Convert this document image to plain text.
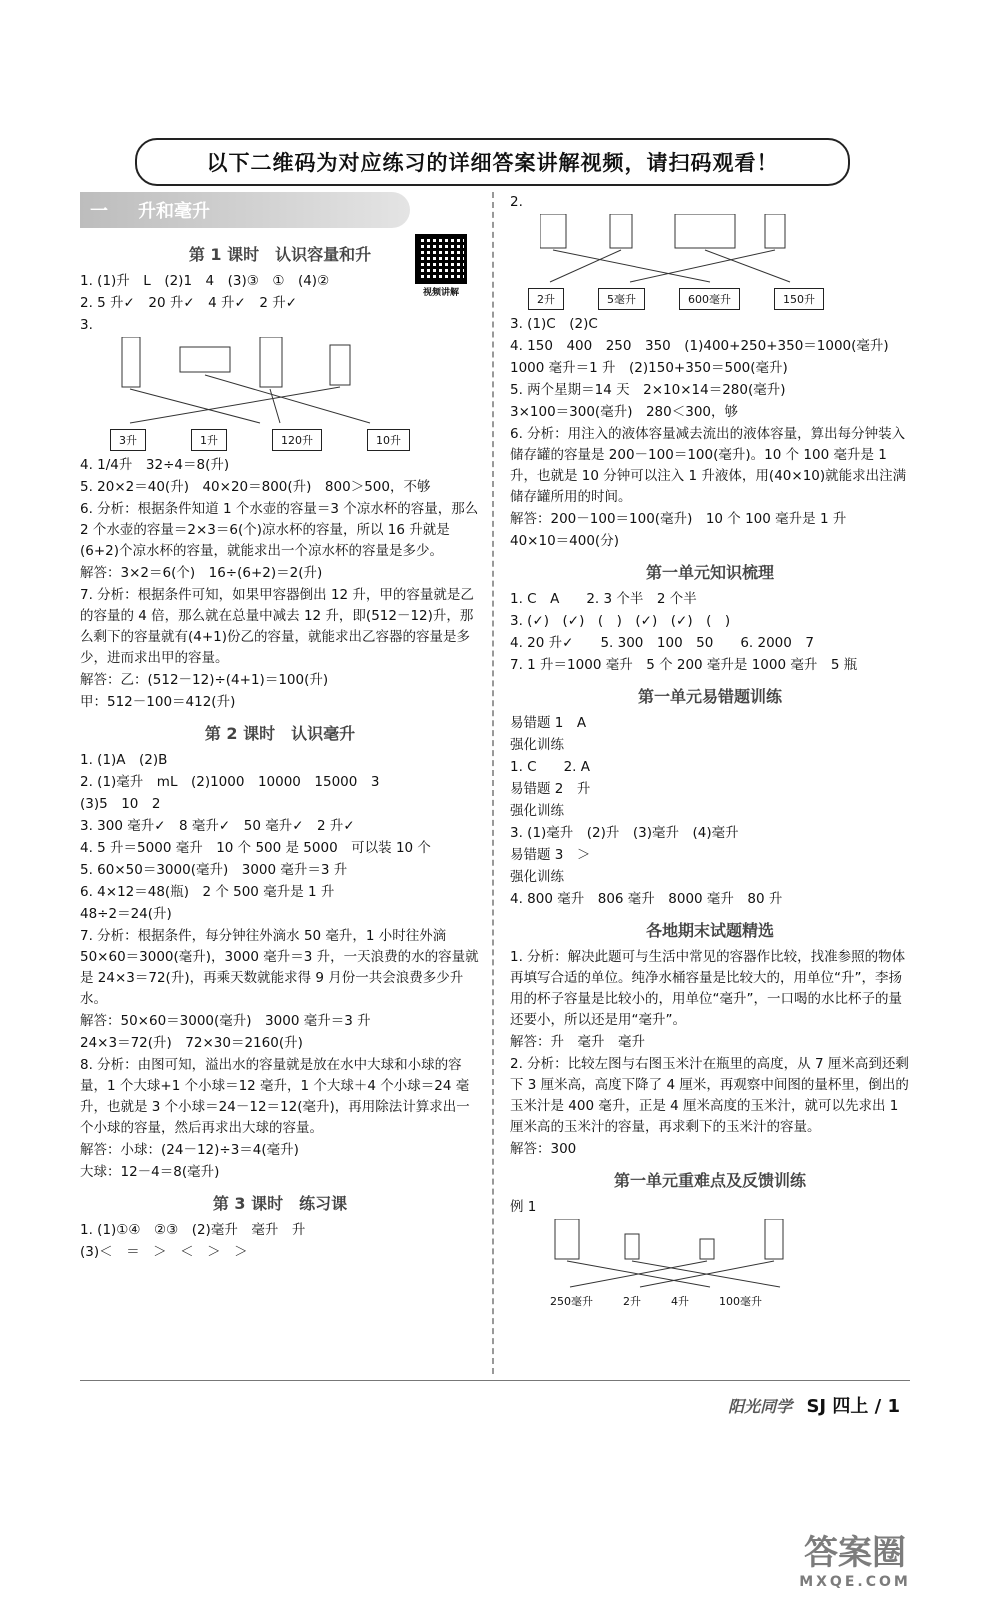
以下二维码为对应练习的详细答案讲解视频，请扫码观看！
一 升和毫升
第 1 课时　认识容量和升
视频讲解
1. (1)升　L　(2)1　4　(3)③　①　(4)②
2. 5 升✓　20 升✓　4 升✓　2 升✓
3.
3升	1升	120升	10升
4. 1/4升　32÷4＝8(升)
5. 20×2＝40(升)　40×20＝800(升)　800＞500，不够
6. 分析：根据条件知道 1 个水壶的容量＝3 个凉水杯的容量，那么 2 个水壶的容量＝2×3＝6(个)凉水杯的容量，所以 16 升就是(6+2)个凉水杯的容量，就能求出一个凉水杯的容量是多少。
解答：3×2＝6(个)　16÷(6+2)＝2(升)
7. 分析：根据条件可知，如果甲容器倒出 12 升，甲的容量就是乙的容量的 4 倍，那么就在总量中减去 12 升，即(512－12)升，那么剩下的容量就有(4+1)份乙的容量，就能求出乙容器的容量是多少，进而求出甲的容量。
解答：乙：(512－12)÷(4+1)＝100(升)
甲：512－100＝412(升)
第 2 课时　认识毫升
1. (1)A　(2)B
2. (1)毫升　mL　(2)1000　10000　15000　3
(3)5　10　2
3. 300 毫升✓　8 毫升✓　50 毫升✓　2 升✓
4. 5 升＝5000 毫升　10 个 500 是 5000　可以装 10 个
5. 60×50＝3000(毫升)　3000 毫升＝3 升
6. 4×12＝48(瓶)　2 个 500 毫升是 1 升
48÷2＝24(升)
7. 分析：根据条件，每分钟往外滴水 50 毫升，1 小时往外滴 50×60＝3000(毫升)，3000 毫升＝3 升，一天浪费的水的容量就是 24×3＝72(升)，再乘天数就能求得 9 月份一共会浪费多少升水。
解答：50×60＝3000(毫升)　3000 毫升＝3 升
24×3＝72(升)　72×30＝2160(升)
8. 分析：由图可知，溢出水的容量就是放在水中大球和小球的容量，1 个大球+1 个小球＝12 毫升，1 个大球＋4 个小球＝24 毫升，也就是 3 个小球＝24－12＝12(毫升)，再用除法计算求出一个小球的容量，然后再求出大球的容量。
解答：小球：(24－12)÷3＝4(毫升)
大球：12－4＝8(毫升)
第 3 课时　练习课
1. (1)①④　②③　(2)毫升　毫升　升
(3)＜　＝　＞　＜　＞　＞
2.
2升	5毫升	600毫升	150升
3. (1)C　(2)C
4. 150　400　250　350　(1)400+250+350＝1000(毫升)
1000 毫升＝1 升　(2)150+350＝500(毫升)
5. 两个星期＝14 天　2×10×14＝280(毫升)
3×100＝300(毫升)　280＜300，够
6. 分析：用注入的液体容量减去流出的液体容量，算出每分钟装入储存罐的容量是 200－100＝100(毫升)。10 个 100 毫升是 1 升，也就是 10 分钟可以注入 1 升液体，用(40×10)就能求出注满储存罐所用的时间。
解答：200－100＝100(毫升)　10 个 100 毫升是 1 升
40×10＝400(分)
第一单元知识梳理
1. C　A　　2. 3 个半　2 个半
3. (✓)　(✓)　(　)　(✓)　(✓)　(　)
4. 20 升✓　　5. 300　100　50　　6. 2000　7
7. 1 升＝1000 毫升　5 个 200 毫升是 1000 毫升　5 瓶
第一单元易错题训练
易错题 1　A
强化训练
1. C　　2. A
易错题 2　升
强化训练
3. (1)毫升　(2)升　(3)毫升　(4)毫升
易错题 3　＞
强化训练
4. 800 毫升　806 毫升　8000 毫升　80 升
各地期末试题精选
1. 分析：解决此题可与生活中常见的容器作比较，找准参照的物体再填写合适的单位。纯净水桶容量是比较大的，用单位“升”，李扬用的杯子容量是比较小的，用单位“毫升”，一口喝的水比杯子的量还要小，所以还是用“毫升”。
解答：升　毫升　毫升
2. 分析：比较左图与右图玉米汁在瓶里的高度，从 7 厘米高到还剩下 3 厘米高，高度下降了 4 厘米，再观察中间图的量杯里，倒出的玉米汁是 400 毫升，正是 4 厘米高度的玉米汁，就可以先求出 1 厘米高的玉米汁的容量，再求剩下的玉米汁的容量。
解答：300
第一单元重难点及反馈训练
例 1
250毫升	2升	4升	100毫升
阳光同学 SJ 四上 / 1
答案圈
MXQE.COM
